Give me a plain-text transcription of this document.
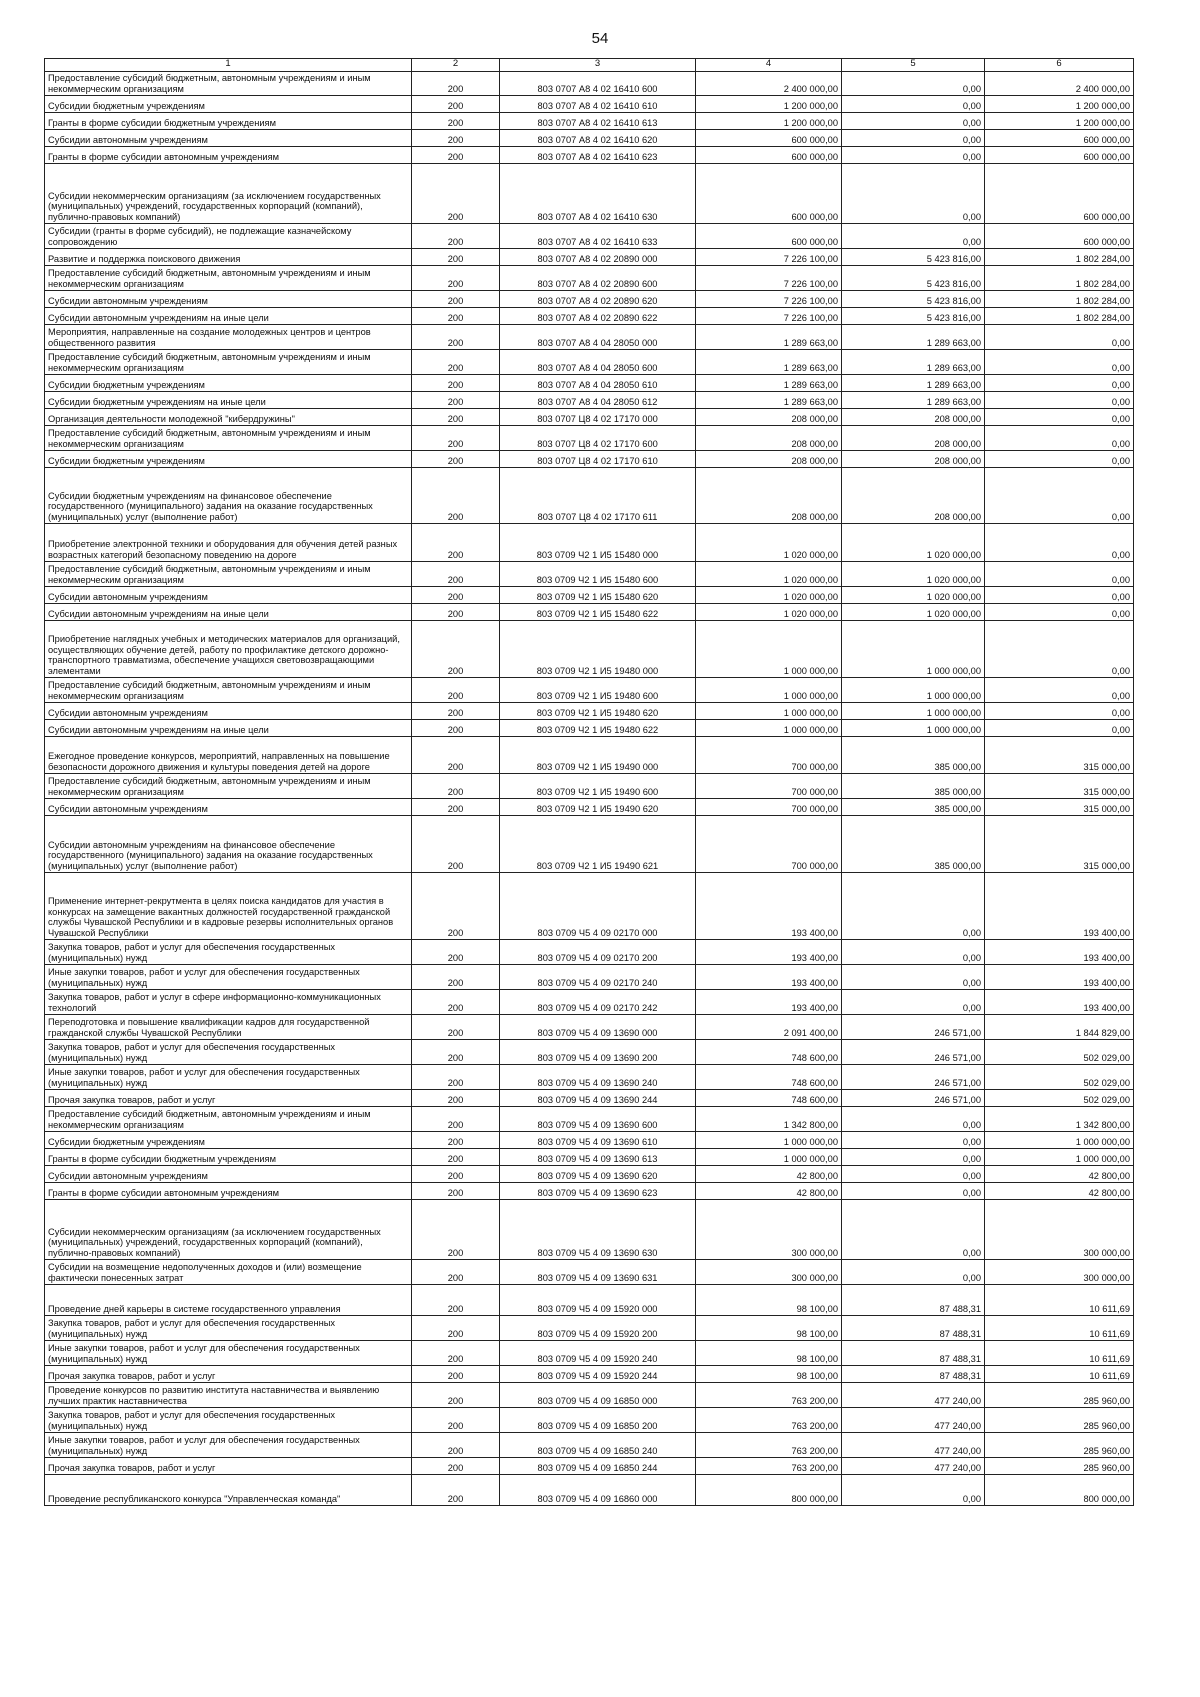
54
1	2	3	4	5	6
Предоставление субсидий бюджетным, автономным учреждениям и иным некоммерческим организациям	200	803 0707 А8 4 02 16410 600	2 400 000,00	0,00	2 400 000,00
Субсидии бюджетным учреждениям	200	803 0707 А8 4 02 16410 610	1 200 000,00	0,00	1 200 000,00
Гранты в форме субсидии бюджетным учреждениям	200	803 0707 А8 4 02 16410 613	1 200 000,00	0,00	1 200 000,00
Субсидии автономным учреждениям	200	803 0707 А8 4 02 16410 620	600 000,00	0,00	600 000,00
Гранты в форме субсидии автономным учреждениям	200	803 0707 А8 4 02 16410 623	600 000,00	0,00	600 000,00
Субсидии некоммерческим организациям (за исключением государственных (муниципальных) учреждений, государственных корпораций (компаний), публично-правовых компаний)	200	803 0707 А8 4 02 16410 630	600 000,00	0,00	600 000,00
Субсидии (гранты в форме субсидий), не подлежащие казначейскому сопровождению	200	803 0707 А8 4 02 16410 633	600 000,00	0,00	600 000,00
Развитие и поддержка поискового движения	200	803 0707 А8 4 02 20890 000	7 226 100,00	5 423 816,00	1 802 284,00
Предоставление субсидий бюджетным, автономным учреждениям и иным некоммерческим организациям	200	803 0707 А8 4 02 20890 600	7 226 100,00	5 423 816,00	1 802 284,00
Субсидии автономным учреждениям	200	803 0707 А8 4 02 20890 620	7 226 100,00	5 423 816,00	1 802 284,00
Субсидии автономным учреждениям на иные цели	200	803 0707 А8 4 02 20890 622	7 226 100,00	5 423 816,00	1 802 284,00
Мероприятия, направленные на создание молодежных центров и центров общественного развития	200	803 0707 А8 4 04 28050 000	1 289 663,00	1 289 663,00	0,00
Предоставление субсидий бюджетным, автономным учреждениям и иным некоммерческим организациям	200	803 0707 А8 4 04 28050 600	1 289 663,00	1 289 663,00	0,00
Субсидии бюджетным учреждениям	200	803 0707 А8 4 04 28050 610	1 289 663,00	1 289 663,00	0,00
Субсидии бюджетным учреждениям на иные цели	200	803 0707 А8 4 04 28050 612	1 289 663,00	1 289 663,00	0,00
Организация деятельности молодежной "кибердружины"	200	803 0707 Ц8 4 02 17170 000	208 000,00	208 000,00	0,00
Предоставление субсидий бюджетным, автономным учреждениям и иным некоммерческим организациям	200	803 0707 Ц8 4 02 17170 600	208 000,00	208 000,00	0,00
Субсидии бюджетным учреждениям	200	803 0707 Ц8 4 02 17170 610	208 000,00	208 000,00	0,00
Субсидии бюджетным учреждениям на финансовое обеспечение государственного (муниципального) задания на оказание государственных (муниципальных) услуг (выполнение работ)	200	803 0707 Ц8 4 02 17170 611	208 000,00	208 000,00	0,00
Приобретение электронной техники и оборудования для обучения детей разных возрастных категорий безопасному поведению на дороге	200	803 0709 Ч2 1 И5 15480 000	1 020 000,00	1 020 000,00	0,00
Предоставление субсидий бюджетным, автономным учреждениям и иным некоммерческим организациям	200	803 0709 Ч2 1 И5 15480 600	1 020 000,00	1 020 000,00	0,00
Субсидии автономным учреждениям	200	803 0709 Ч2 1 И5 15480 620	1 020 000,00	1 020 000,00	0,00
Субсидии автономным учреждениям на иные цели	200	803 0709 Ч2 1 И5 15480 622	1 020 000,00	1 020 000,00	0,00
Приобретение наглядных учебных и методических материалов для организаций, осуществляющих обучение детей, работу по профилактике детского дорожно-транспортного травматизма, обеспечение учащихся световозвращающими элементами	200	803 0709 Ч2 1 И5 19480 000	1 000 000,00	1 000 000,00	0,00
Предоставление субсидий бюджетным, автономным учреждениям и иным некоммерческим организациям	200	803 0709 Ч2 1 И5 19480 600	1 000 000,00	1 000 000,00	0,00
Субсидии автономным учреждениям	200	803 0709 Ч2 1 И5 19480 620	1 000 000,00	1 000 000,00	0,00
Субсидии автономным учреждениям на иные цели	200	803 0709 Ч2 1 И5 19480 622	1 000 000,00	1 000 000,00	0,00
Ежегодное проведение конкурсов, мероприятий, направленных на повышение безопасности дорожного движения и культуры поведения детей на дороге	200	803 0709 Ч2 1 И5 19490 000	700 000,00	385 000,00	315 000,00
Предоставление субсидий бюджетным, автономным учреждениям и иным некоммерческим организациям	200	803 0709 Ч2 1 И5 19490 600	700 000,00	385 000,00	315 000,00
Субсидии автономным учреждениям	200	803 0709 Ч2 1 И5 19490 620	700 000,00	385 000,00	315 000,00
Субсидии автономным учреждениям на финансовое обеспечение государственного (муниципального) задания на оказание государственных (муниципальных) услуг (выполнение работ)	200	803 0709 Ч2 1 И5 19490 621	700 000,00	385 000,00	315 000,00
Применение интернет-рекрутмента в целях поиска кандидатов для участия в конкурсах на замещение вакантных должностей государственной гражданской службы Чувашской Республики и в кадровые резервы исполнительных органов Чувашской Республики	200	803 0709 Ч5 4 09 02170 000	193 400,00	0,00	193 400,00
Закупка товаров, работ и услуг для обеспечения государственных (муниципальных) нужд	200	803 0709 Ч5 4 09 02170 200	193 400,00	0,00	193 400,00
Иные закупки товаров, работ и услуг для обеспечения государственных (муниципальных) нужд	200	803 0709 Ч5 4 09 02170 240	193 400,00	0,00	193 400,00
Закупка товаров, работ и услуг в сфере информационно-коммуникационных технологий	200	803 0709 Ч5 4 09 02170 242	193 400,00	0,00	193 400,00
Переподготовка и повышение квалификации кадров для государственной гражданской службы Чувашской Республики	200	803 0709 Ч5 4 09 13690 000	2 091 400,00	246 571,00	1 844 829,00
Закупка товаров, работ и услуг для обеспечения государственных (муниципальных) нужд	200	803 0709 Ч5 4 09 13690 200	748 600,00	246 571,00	502 029,00
Иные закупки товаров, работ и услуг для обеспечения государственных (муниципальных) нужд	200	803 0709 Ч5 4 09 13690 240	748 600,00	246 571,00	502 029,00
Прочая закупка товаров, работ и услуг	200	803 0709 Ч5 4 09 13690 244	748 600,00	246 571,00	502 029,00
Предоставление субсидий бюджетным, автономным учреждениям и иным некоммерческим организациям	200	803 0709 Ч5 4 09 13690 600	1 342 800,00	0,00	1 342 800,00
Субсидии бюджетным учреждениям	200	803 0709 Ч5 4 09 13690 610	1 000 000,00	0,00	1 000 000,00
Гранты в форме субсидии бюджетным учреждениям	200	803 0709 Ч5 4 09 13690 613	1 000 000,00	0,00	1 000 000,00
Субсидии автономным учреждениям	200	803 0709 Ч5 4 09 13690 620	42 800,00	0,00	42 800,00
Гранты в форме субсидии автономным учреждениям	200	803 0709 Ч5 4 09 13690 623	42 800,00	0,00	42 800,00
Субсидии некоммерческим организациям (за исключением государственных (муниципальных) учреждений, государственных корпораций (компаний), публично-правовых компаний)	200	803 0709 Ч5 4 09 13690 630	300 000,00	0,00	300 000,00
Субсидии на возмещение недополученных доходов и (или) возмещение фактически понесенных затрат	200	803 0709 Ч5 4 09 13690 631	300 000,00	0,00	300 000,00
Проведение дней карьеры в системе государственного управления	200	803 0709 Ч5 4 09 15920 000	98 100,00	87 488,31	10 611,69
Закупка товаров, работ и услуг для обеспечения государственных (муниципальных) нужд	200	803 0709 Ч5 4 09 15920 200	98 100,00	87 488,31	10 611,69
Иные закупки товаров, работ и услуг для обеспечения государственных (муниципальных) нужд	200	803 0709 Ч5 4 09 15920 240	98 100,00	87 488,31	10 611,69
Прочая закупка товаров, работ и услуг	200	803 0709 Ч5 4 09 15920 244	98 100,00	87 488,31	10 611,69
Проведение конкурсов по развитию института наставничества и выявлению лучших практик наставничества	200	803 0709 Ч5 4 09 16850 000	763 200,00	477 240,00	285 960,00
Закупка товаров, работ и услуг для обеспечения государственных (муниципальных) нужд	200	803 0709 Ч5 4 09 16850 200	763 200,00	477 240,00	285 960,00
Иные закупки товаров, работ и услуг для обеспечения государственных (муниципальных) нужд	200	803 0709 Ч5 4 09 16850 240	763 200,00	477 240,00	285 960,00
Прочая закупка товаров, работ и услуг	200	803 0709 Ч5 4 09 16850 244	763 200,00	477 240,00	285 960,00
Проведение республиканского конкурса "Управленческая команда"	200	803 0709 Ч5 4 09 16860 000	800 000,00	0,00	800 000,00
